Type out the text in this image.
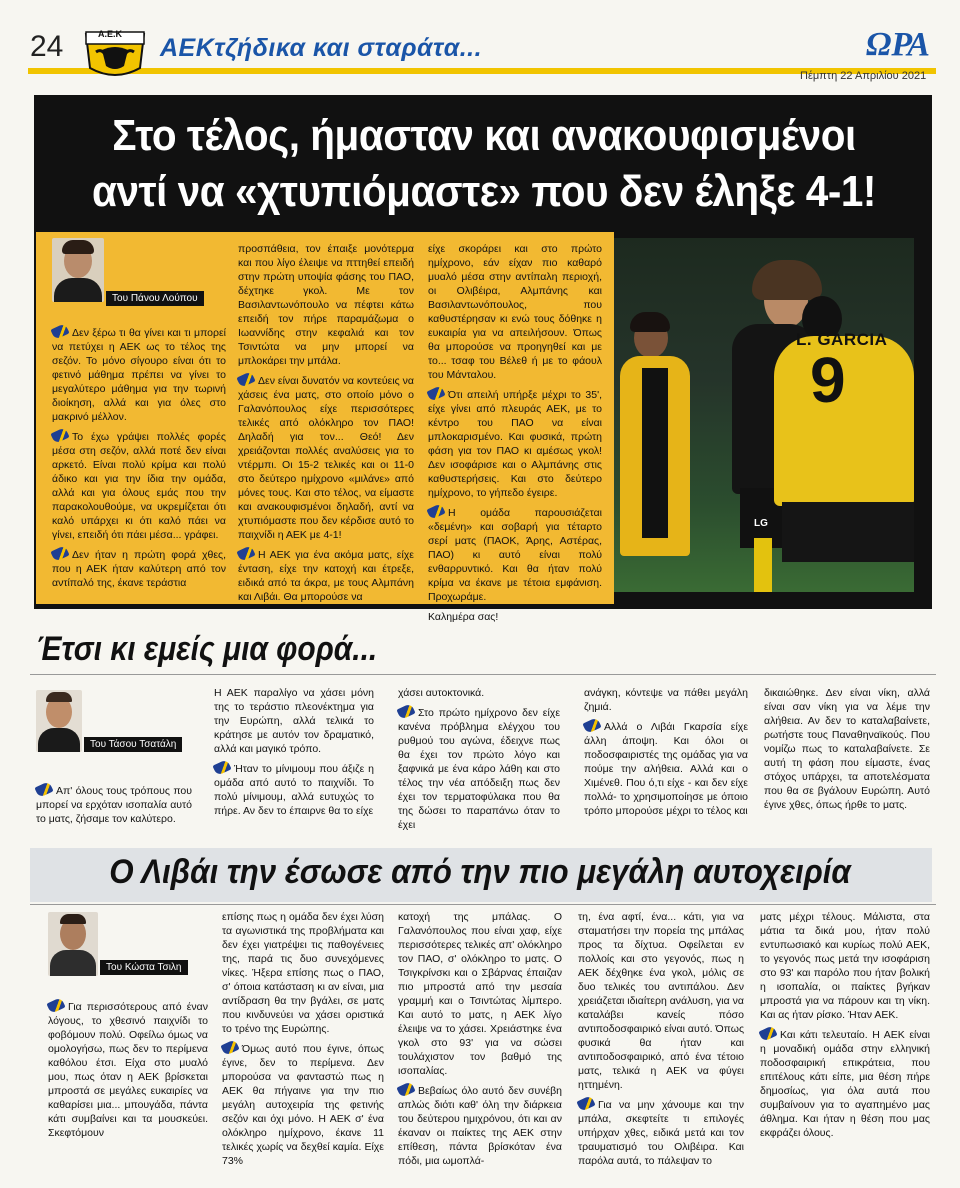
24	Α.Ε.Κ ΑΕΚτζήδικα και σταράτα...	ΩΡΑ
Πέμπτη 22 Απριλίου 2021
Στο τέλος, ήμασταν και ανακουφισμένοι
αντί να «χτυπιόμαστε» που δεν έληξε 4-1!
Του Πάνου Λούπου

Δεν ξέρω τι θα γίνει και τι μπορεί να πετύχει η ΑΕΚ ως το τέλος της σεζόν. Το μόνο σίγουρο είναι ότι το φετινό μάθημα πρέπει να γίνει το μεγαλύτερο μάθημα για την τωρινή διοίκηση, αλλά και για όλες στο μακρινό μέλλον.

Το έχω γράψει πολλές φορές μέσα στη σεζόν, αλλά ποτέ δεν είναι αρκετό. Είναι πολύ κρίμα και πολύ άδικο και για την ίδια την ομάδα, αλλά και για όλους εμάς που την παρακολουθούμε, να υκρεμίζεται ότι καλό υπάρχει κι ότι καλό πάει να γίνει, επειδή ότι πάει μέσα... γράφει.

Δεν ήταν η πρώτη φορά χθες, που η ΑΕΚ ήταν καλύτερη από τον αντίπαλό της, έκανε τεράστια

προσπάθεια, τον έπαιξε μονότερμα και που λίγο έλειψε να πττηθεί επειδή στην πρώτη υποψία φάσης του ΠΑΟ, δέχτηκε γκολ. Με τον Βασιλαντωνόπουλο να πέφτει κάτω επειδή τον πήρε παραμάζωμα ο Ιωαννίδης στην κεφαλιά και τον Τσιντώτα να μην μπορεί να μπλοκάρει την μπάλα.

Δεν είναι δυνατόν να κοντεύεις να χάσεις ένα ματς, στο οποίο μόνο ο Γαλανόπουλος είχε περισσότερες τελικές από ολόκληρο τον ΠΑΟ! Δηλαδή για τον... Θεό! Δεν χρειάζονται πολλές αναλύσεις για το ντέρμπι. Οι 15-2 τελικές και οι 11-0 στο δεύτερο ημίχρονο «μιλάνε» από μόνες τους. Και στο τέλος, να είμαστε και ανακουφισμένοι δηλαδή, αντί να χτυπιόμαστε που δεν κέρδισε αυτό το παιχνίδι η ΑΕΚ με 4-1!

Η ΑΕΚ για ένα ακόμα ματς, είχε ένταση, είχε την κατοχή και έτρεξε, ειδικά από τα άκρα, με τους Αλμπάνη και Λιβάι. Θα μπορούσε να

είχε σκοράρει και στο πρώτο ημίχρονο, εάν είχαν πιο καθαρό μυαλό μέσα στην αντίπαλη περιοχή, οι Ολιβέιρα, Αλμπάνης και Βασιλαντωνόπουλος, που καθυστέρησαν κι ενώ τους δόθηκε η ευκαιρία για να απειλήσουν. Όπως θα μπορούσε να προηγηθεί και με το... τσαφ του Βέλεθ ή με το φάουλ του Μάνταλου.

Ότι απειλή υπήρξε μέχρι το 35', είχε γίνει από πλευράς ΑΕΚ, με το κέντρο του ΠΑΟ να είναι μπλοκαρισμένο. Και φυσικά, πρώτη φάση για τον ΠΑΟ κι αμέσως γκολ! Δεν ισοφάρισε και ο Αλμπάνης στις καθυστερήσεις. Και στο δεύτερο ημίχρονο, το γήπεδο έγειρε.

Η ομάδα παρουσιάζεται «δεμένη» και σοβαρή για τέταρτο σερί ματς (ΠΑΟΚ, Άρης, Αστέρας, ΠΑΟ) κι αυτό είναι πολύ ενθαρρυντικό. Και θα ήταν πολύ κρίμα να έκανε με τέτοια εμφάνιση. Προχωράμε.

Καλημέρα σας!

L. GARCIA
9
LG
Έτσι κι εμείς μια φορά...
Του Τάσου Τσατάλη

Απ' όλους τους τρόπους που μπορεί να ερχόταν ισοπαλία αυτό το ματς, ζήσαμε τον καλύτερο.

Η ΑΕΚ παραλίγο να χάσει μόνη της το τεράστιο πλεονέκτημα για την Ευρώπη, αλλά τελικά το κράτησε με αυτόν τον δραματικό, αλλά και μαγικό τρόπο.

Ήταν το μίνιμουμ που άξιζε η ομάδα από αυτό το παιχνίδι. Το πολύ μίνιμουμ, αλλά ευτυχώς το πήρε. Αν δεν το έπαιρνε θα το είχε

χάσει αυτοκτονικά.

Στο πρώτο ημίχρονο δεν είχε κανένα πρόβλημα ελέγχου του ρυθμού του αγώνα, έδειχνε πως θα έχει τον πρώτο λόγο και ξαφνικά με ένα κάρο λάθη και στο τέλος την νέα απόδειξη πως δεν έχει τον τερματοφύλακα που θα της δώσει το παραπάνω όταν το έχει

ανάγκη, κόντεψε να πάθει μεγάλη ζημιά.

Αλλά ο Λιβάι Γκαρσία είχε άλλη άποψη. Και όλοι οι ποδοσφαιριστές της ομάδας για να πούμε την αλήθεια. Αλλά και ο Χιμένεθ. Που ό,τι είχε - και δεν είχε πολλά- το χρησιμοποίησε με όποιο τρόπο μπορούσε μέχρι το τέλος και

δικαιώθηκε. Δεν είναι νίκη, αλλά είναι σαν νίκη για να λέμε την αλήθεια. Αν δεν το καταλαβαίνετε, ρωτήστε τους Παναθηναϊκούς. Που νομίζω πως το καταλαβαίνετε. Σε αυτή τη φάση που είμαστε, ένας στόχος υπάρχει, τα αποτελέσματα που θα σε βγάλουν Ευρώπη. Αυτό έγινε χθες, όπως ήρθε το ματς.

Ο Λιβάι την έσωσε από την πιο μεγάλη αυτοχειρία
Του Κώστα Τσιλη

Για περισσότερους από έναν λόγους, το χθεσινό παιχνίδι το φοβόμουν πολύ. Οφείλω όμως να ομολογήσω, πως δεν το περίμενα καθόλου έτσι. Είχα στο μυαλό μου, πως όταν η ΑΕΚ βρίσκεται μπροστά σε μεγάλες ευκαιρίες να καθαρίσει μια... μπουγάδα, πάντα κάτι συμβαίνει και τα μουσκεύει. Σκεφτόμουν

επίσης πως η ομάδα δεν έχει λύση τα αγωνιστικά της προβλήματα και δεν έχει γιατρέψει τις παθογένειες της, παρά τις δυο συνεχόμενες νίκες. Ήξερα επίσης πως ο ΠΑΟ, σ' όποια κατάσταση κι αν είναι, μια αντίδραση θα την βγάλει, σε ματς που κινδυνεύει να χάσει οριστικά το τρένο της Ευρώπης.

Όμως αυτό που έγινε, όπως έγινε, δεν το περίμενα. Δεν μπορούσα να φανταστώ πως η ΑΕΚ θα πήγαινε για την πιο μεγάλη αυτοχειρία της φετινής σεζόν και όχι μόνο. Η ΑΕΚ σ' ένα ολόκληρο ημίχρονο, έκανε 11 τελικές χωρίς να δεχθεί καμία. Είχε 73%

κατοχή της μπάλας. Ο Γαλανόπουλος που είναι χαφ, είχε περισσότερες τελικές απ' ολόκληρο τον ΠΑΟ, σ' ολόκληρο το ματς. Ο Τσιγκρίνσκι και ο Σβάρνας έπαιζαν πιο μπροστά από την μεσαία γραμμή και ο Τσιντώτας λίμπερο. Και αυτό το ματς, η ΑΕΚ λίγο έλειψε να το χάσει. Χρειάστηκε ένα γκολ στο 93' για να σώσει τουλάχιστον τον βαθμό της ισοπαλίας.

Βεβαίως όλο αυτό δεν συνέβη απλώς διότι καθ' όλη την διάρκεια του δεύτερου ημιχρόνου, ότι και αν έκαναν οι παίκτες της ΑΕΚ στην επίθεση, πάντα βρίσκόταν ένα πόδι, μια ωμοπλά-

τη, ένα αφτί, ένα... κάτι, για να σταματήσει την πορεία της μπάλας προς τα δίχτυα. Οφείλεται εν πολλοίς και στο γεγονός, πως η ΑΕΚ δέχθηκε ένα γκολ, μόλις σε δυο τελικές του αντιπάλου. Δεν χρειάζεται ιδιαίτερη ανάλυση, για να καταλάβει κανείς πόσο αντιποδοσφαιρικό είναι αυτό. Όπως φυσικά θα ήταν και αντιποδοσφαιρικό, από ένα τέτοιο ματς, τελικά η ΑΕΚ να φύγει ηττημένη.

Για να μην χάνουμε και την μπάλα, σκεφτείτε τι επιλογές υπήρχαν χθες, ειδικά μετά και τον τραυματισμό του Ολιβέιρα. Και παρόλα αυτά, το πάλεψαν το

ματς μέχρι τέλους. Μάλιστα, στα μάτια τα δικά μου, ήταν πολύ εντυπωσιακό και κυρίως πολύ ΑΕΚ, το γεγονός πως μετά την ισοφάριση στο 93' και παρόλο που ήταν βολική η ισοπαλία, οι παίκτες βγήκαν μπροστά για να πάρουν και τη νίκη. Και ας ήταν ρίσκο. Ήταν ΑΕΚ.

Και κάτι τελευταίο. Η ΑΕΚ είναι η μοναδική ομάδα στην ελληνική ποδοσφαιρική επικράτεια, που επιτέλους κάτι είπε, μια θέση πήρε δημοσίως, για όλα αυτά που συμβαίνουν για το αγαπημένο μας άθλημα. Και ήταν η θέση που μας εκφράζει όλους.
